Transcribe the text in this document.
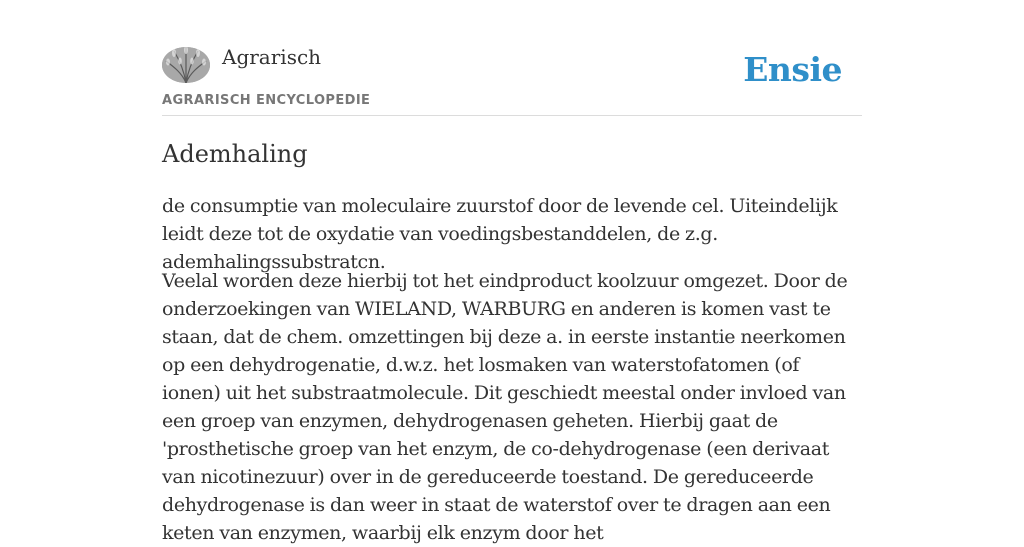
Agrarisch
AGRARISCH ENCYCLOPEDIE
Ensie
Ademhaling

de consumptie van moleculaire zuurstof door de levende cel. Uiteindelijk leidt deze tot de oxydatie van voedingsbestanddelen, de z.g. ademhalingssubstratcn.

Veelal worden deze hierbij tot het eindproduct koolzuur omgezet. Door de onderzoekingen van WIELAND, WARBURG en anderen is komen vast te staan, dat de chem. omzettingen bij deze a. in eerste instantie neerkomen op een dehydrogenatie, d.w.z. het losmaken van waterstofatomen (of ionen) uit het substraatmolecule. Dit geschiedt meestal onder invloed van een groep van enzymen, dehydrogenasen geheten. Hierbij gaat de 'prosthetische groep van het enzym, de co-dehydrogenase (een derivaat van nicotinezuur) over in de gereduceerde toestand. De gereduceerde dehydrogenase is dan weer in staat de waterstof over te dragen aan een keten van enzymen, waarbij elk enzym door het
